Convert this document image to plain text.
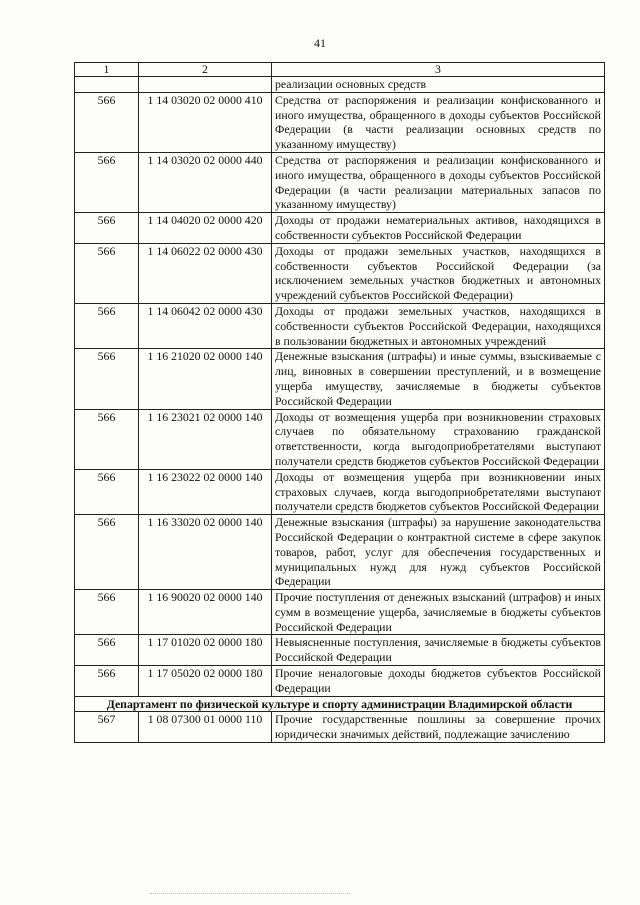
41
1	2	3
		реализации основных средств
566	1 14 03020 02 0000 410	Средства от распоряжения и реализации конфискованного и иного имущества, обращенного в доходы субъектов Российской Федерации (в части реализации основных средств по указанному имуществу)
566	1 14 03020 02 0000 440	Средства от распоряжения и реализации конфискованного и иного имущества, обращенного в доходы субъектов Российской Федерации (в части реализации материальных запасов по указанному имуществу)
566	1 14 04020 02 0000 420	Доходы от продажи нематериальных активов, находящихся в собственности субъектов Российской Федерации
566	1 14 06022 02 0000 430	Доходы от продажи земельных участков, находящихся в собственности субъектов Российской Федерации (за исключением земельных участков бюджетных и автономных учреждений субъектов Российской Федерации)
566	1 14 06042 02 0000 430	Доходы от продажи земельных участков, находящихся в собственности субъектов Российской Федерации, находящихся в пользовании бюджетных и автономных учреждений
566	1 16 21020 02 0000 140	Денежные взыскания (штрафы) и иные суммы, взыскиваемые с лиц, виновных в совершении преступлений, и в возмещение ущерба имуществу, зачисляемые в бюджеты субъектов Российской Федерации
566	1 16 23021 02 0000 140	Доходы от возмещения ущерба при возникновении страховых случаев по обязательному страхованию гражданской ответственности, когда выгодоприобретателями выступают получатели средств бюджетов субъектов Российской Федерации
566	1 16 23022 02 0000 140	Доходы от возмещения ущерба при возникновении иных страховых случаев, когда выгодоприобретателями выступают получатели средств бюджетов субъектов Российской Федерации
566	1 16 33020 02 0000 140	Денежные взыскания (штрафы) за нарушение законодательства Российской Федерации о контрактной системе в сфере закупок товаров, работ, услуг для обеспечения государственных и муниципальных нужд для нужд субъектов Российской Федерации
566	1 16 90020 02 0000 140	Прочие поступления от денежных взысканий (штрафов) и иных сумм в возмещение ущерба, зачисляемые в бюджеты субъектов Российской Федерации
566	1 17 01020 02 0000 180	Невыясненные поступления, зачисляемые в бюджеты субъектов Российской Федерации
566	1 17 05020 02 0000 180	Прочие неналоговые доходы бюджетов субъектов Российской Федерации
Департамент по физической культуре и спорту администрации Владимирской области		
567	1 08 07300 01 0000 110	Прочие государственные пошлины за совершение прочих юридически значимых действий, подлежащие зачислению
